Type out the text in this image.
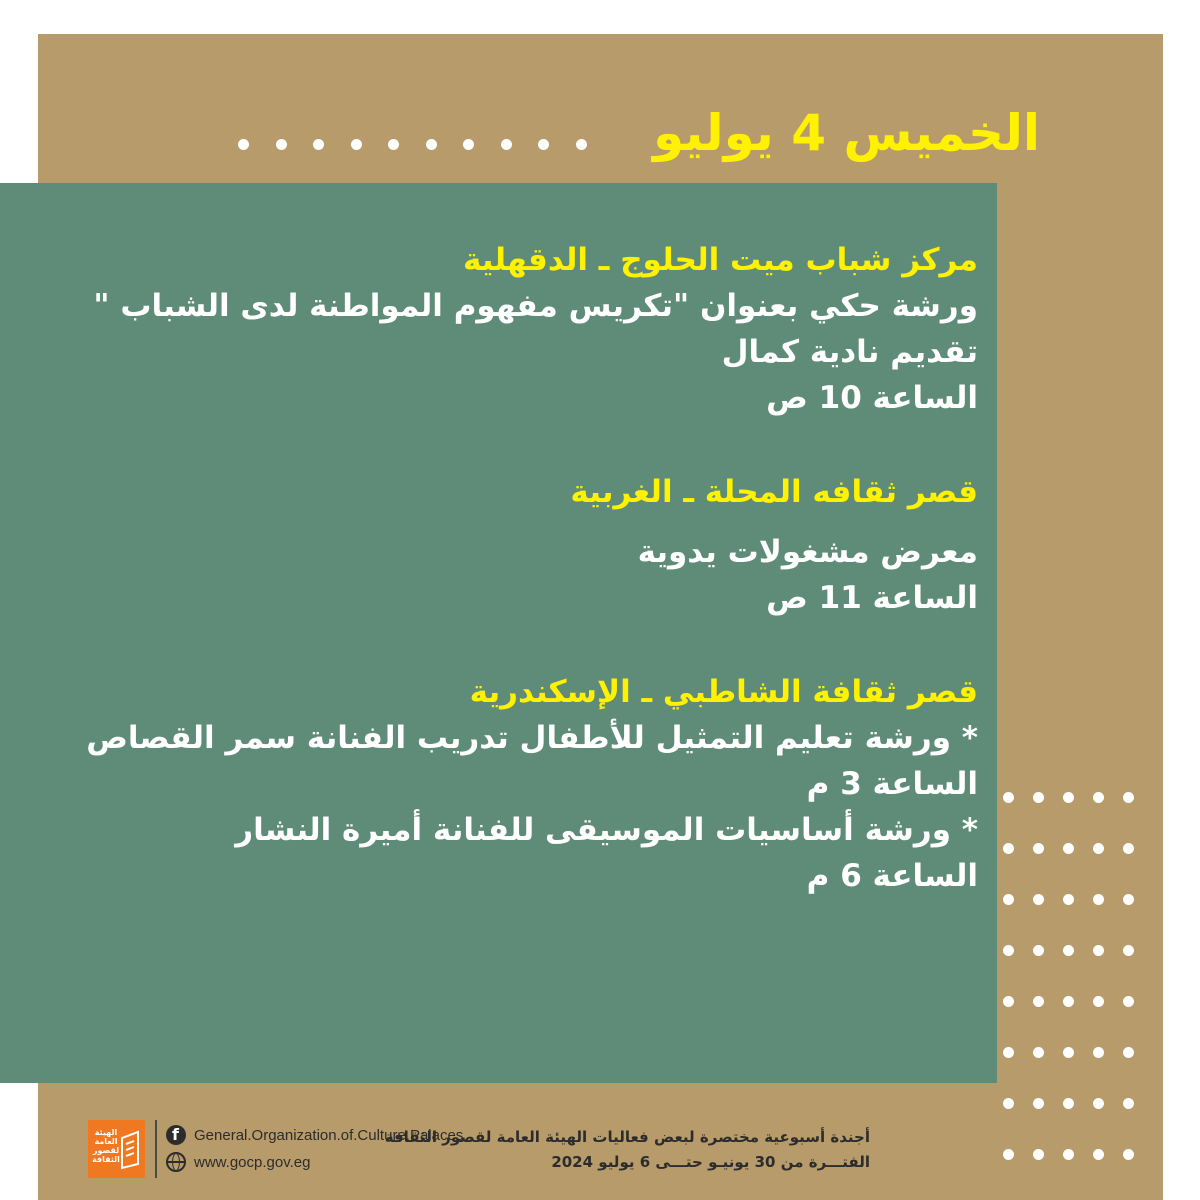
الخميس 4 يوليو
مركز شباب ميت الحلوج ـ الدقهلية
ورشة حكي بعنوان "تكريس مفهوم المواطنة لدى الشباب "
تقديم نادية كمال
الساعة 10 ص
قصر ثقافه المحلة ـ الغربية
معرض مشغولات يدوية
الساعة 11 ص
قصر ثقافة الشاطبي ـ الإسكندرية
* ورشة تعليم التمثيل للأطفال تدريب الفنانة سمر القصاص
الساعة 3 م
* ورشة أساسيات الموسيقى للفنانة أميرة النشار
الساعة 6 م
الهيئة العامة لقصور الثقافة
f
General.Organization.of.Culture.Palaces
www.gocp.gov.eg
أجندة أسبوعية مختصرة لبعض فعاليات الهيئة العامة لقصور الثقافة
الفتـــرة من 30 يونيـو حتـــى 6 يوليو 2024
